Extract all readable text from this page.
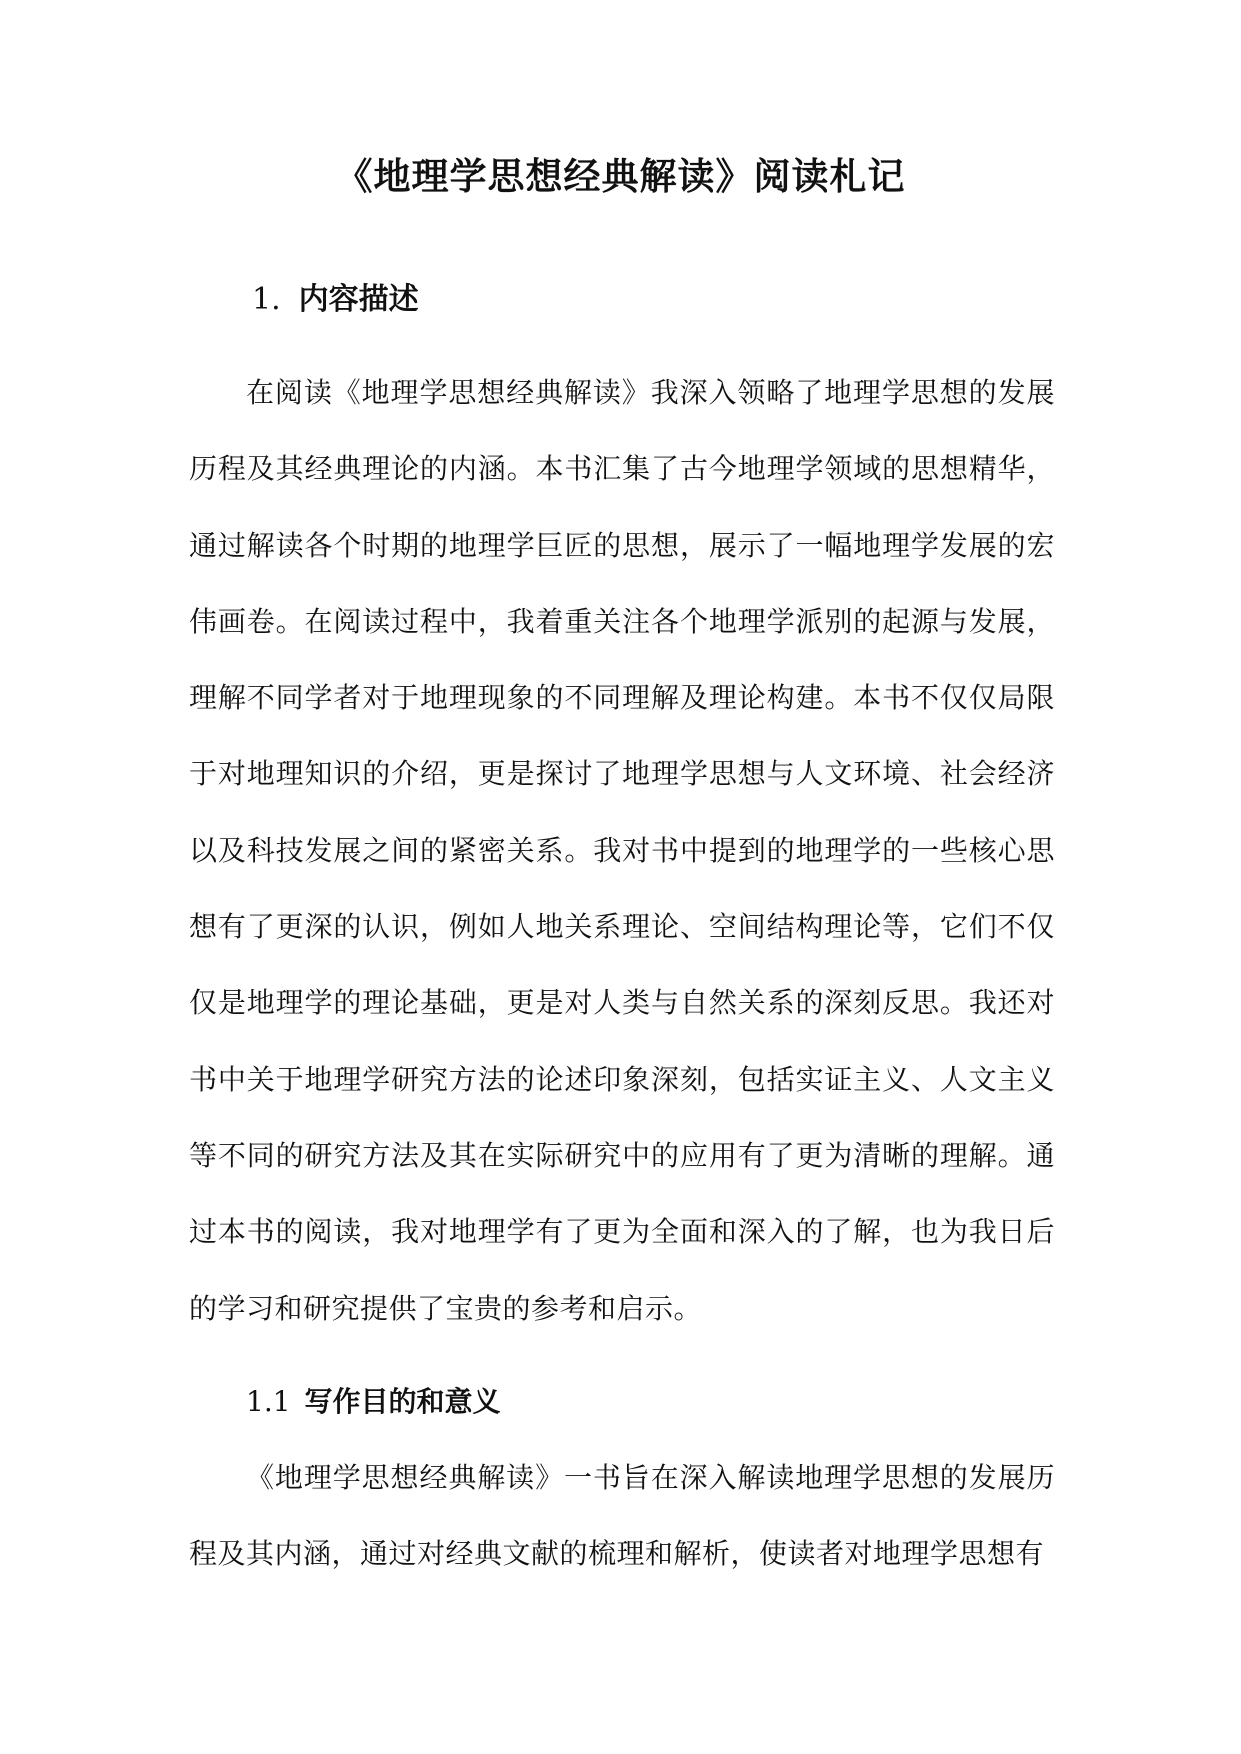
《地理学思想经典解读》阅读札记
1. 内容描述

在阅读《地理学思想经典解读》我深入领略了地理学思想的发展历程及其经典理论的内涵。本书汇集了古今地理学领域的思想精华，通过解读各个时期的地理学巨匠的思想，展示了一幅地理学发展的宏伟画卷。在阅读过程中，我着重关注各个地理学派别的起源与发展，理解不同学者对于地理现象的不同理解及理论构建。本书不仅仅局限于对地理知识的介绍，更是探讨了地理学思想与人文环境、社会经济以及科技发展之间的紧密关系。我对书中提到的地理学的一些核心思想有了更深的认识，例如人地关系理论、空间结构理论等，它们不仅仅是地理学的理论基础，更是对人类与自然关系的深刻反思。我还对书中关于地理学研究方法的论述印象深刻，包括实证主义、人文主义等不同的研究方法及其在实际研究中的应用有了更为清晰的理解。通过本书的阅读，我对地理学有了更为全面和深入的了解，也为我日后的学习和研究提供了宝贵的参考和启示。

1.1 写作目的和意义

《地理学思想经典解读》一书旨在深入解读地理学思想的发展历程及其内涵，通过对经典文献的梳理和解析，使读者对地理学思想有
